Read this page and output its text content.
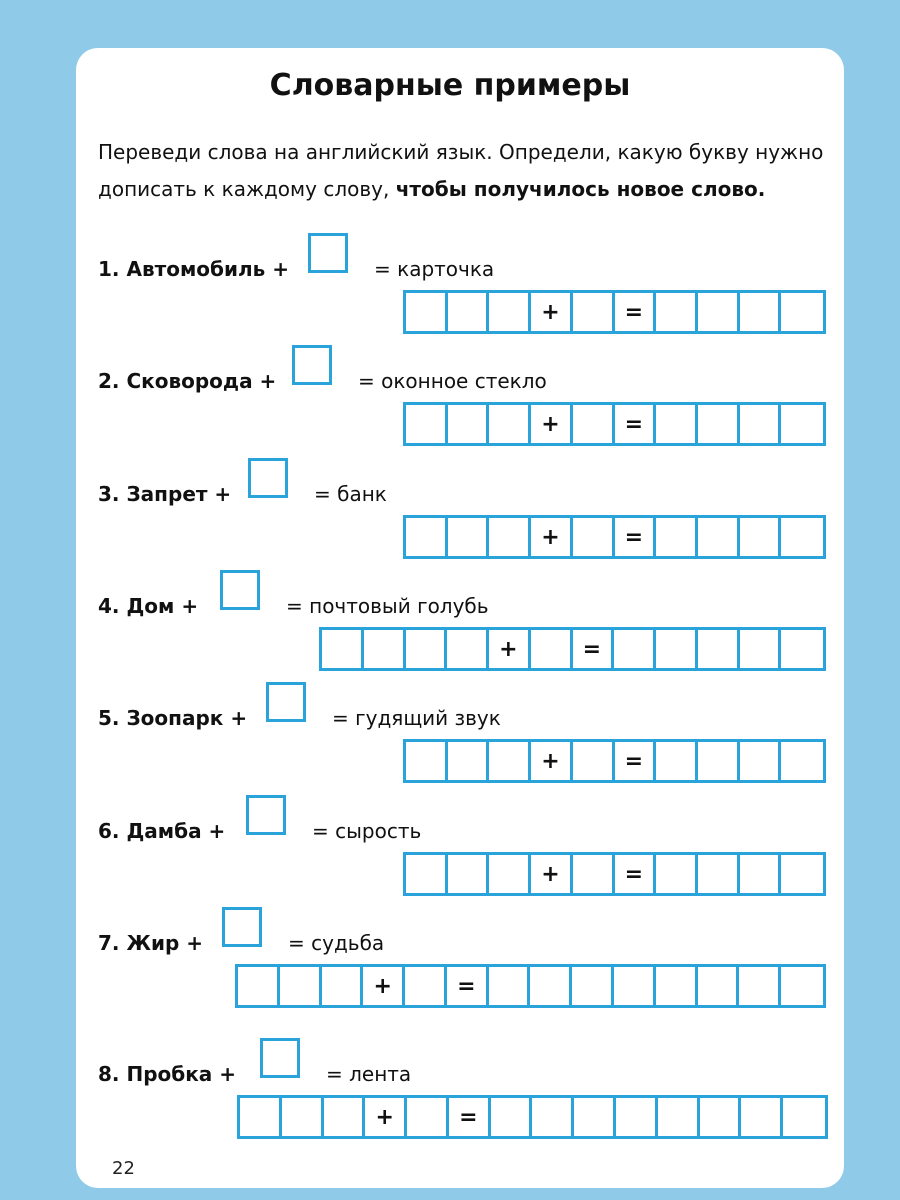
Словарные примеры
Переведи слова на английский язык. Определи, какую букву нужно дописать к каждому слову, чтобы получилось новое слово.
1. Автомобиль +	= карточка
+	=
2. Сковорода +	= оконное стекло
+	=
3. Запрет +	= банк
+	=
4. Дом +	= почтовый голубь
+	=
5. Зоопарк +	= гудящий звук
+	=
6. Дамба +	= сырость
+	=
7. Жир +	= судьба
+	=
8. Пробка +	= лента
+	=
22
